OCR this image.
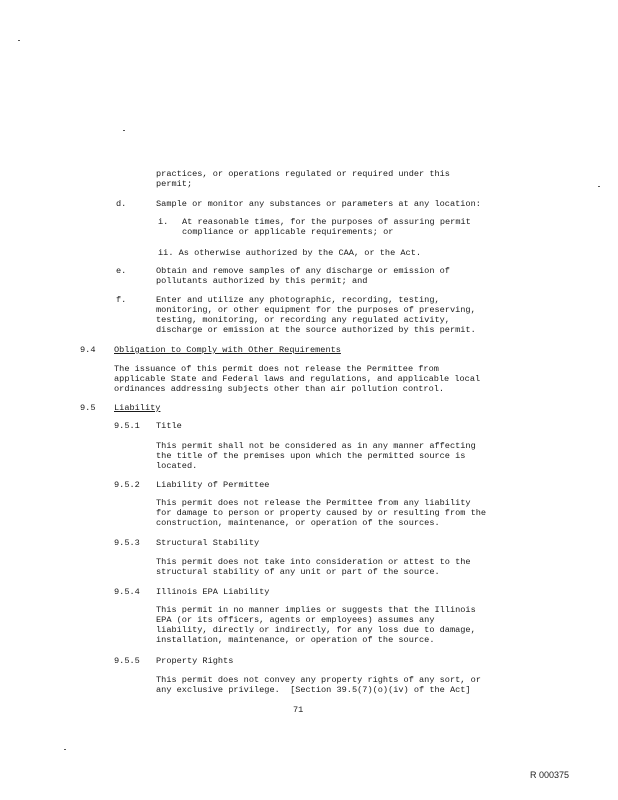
practices, or operations regulated or required under this
permit;
d.	Sample or monitor any substances or parameters at any location:
i. At reasonable times, for the purposes of assuring permit
compliance or applicable requirements; or
ii. As otherwise authorized by the CAA, or the Act.
e.	Obtain and remove samples of any discharge or emission of
pollutants authorized by this permit; and
f.	Enter and utilize any photographic, recording, testing,
monitoring, or other equipment for the purposes of preserving,
testing, monitoring, or recording any regulated activity,
discharge or emission at the source authorized by this permit.
9.4 Obligation to Comply with Other Requirements
The issuance of this permit does not release the Permittee from
applicable State and Federal laws and regulations, and applicable local
ordinances addressing subjects other than air pollution control.
9.5 Liability
9.5.1 Title
This permit shall not be considered as in any manner affecting
the title of the premises upon which the permitted source is
located.
9.5.2 Liability of Permittee
This permit does not release the Permittee from any liability
for damage to person or property caused by or resulting from the
construction, maintenance, or operation of the sources.
9.5.3 Structural Stability
This permit does not take into consideration or attest to the
structural stability of any unit or part of the source.
9.5.4 Illinois EPA Liability
This permit in no manner implies or suggests that the Illinois
EPA (or its officers, agents or employees) assumes any
liability, directly or indirectly, for any loss due to damage,
installation, maintenance, or operation of the source.
9.5.5 Property Rights
This permit does not convey any property rights of any sort, or
any exclusive privilege.  [Section 39.5(7)(o)(iv) of the Act]
71
R 000375
